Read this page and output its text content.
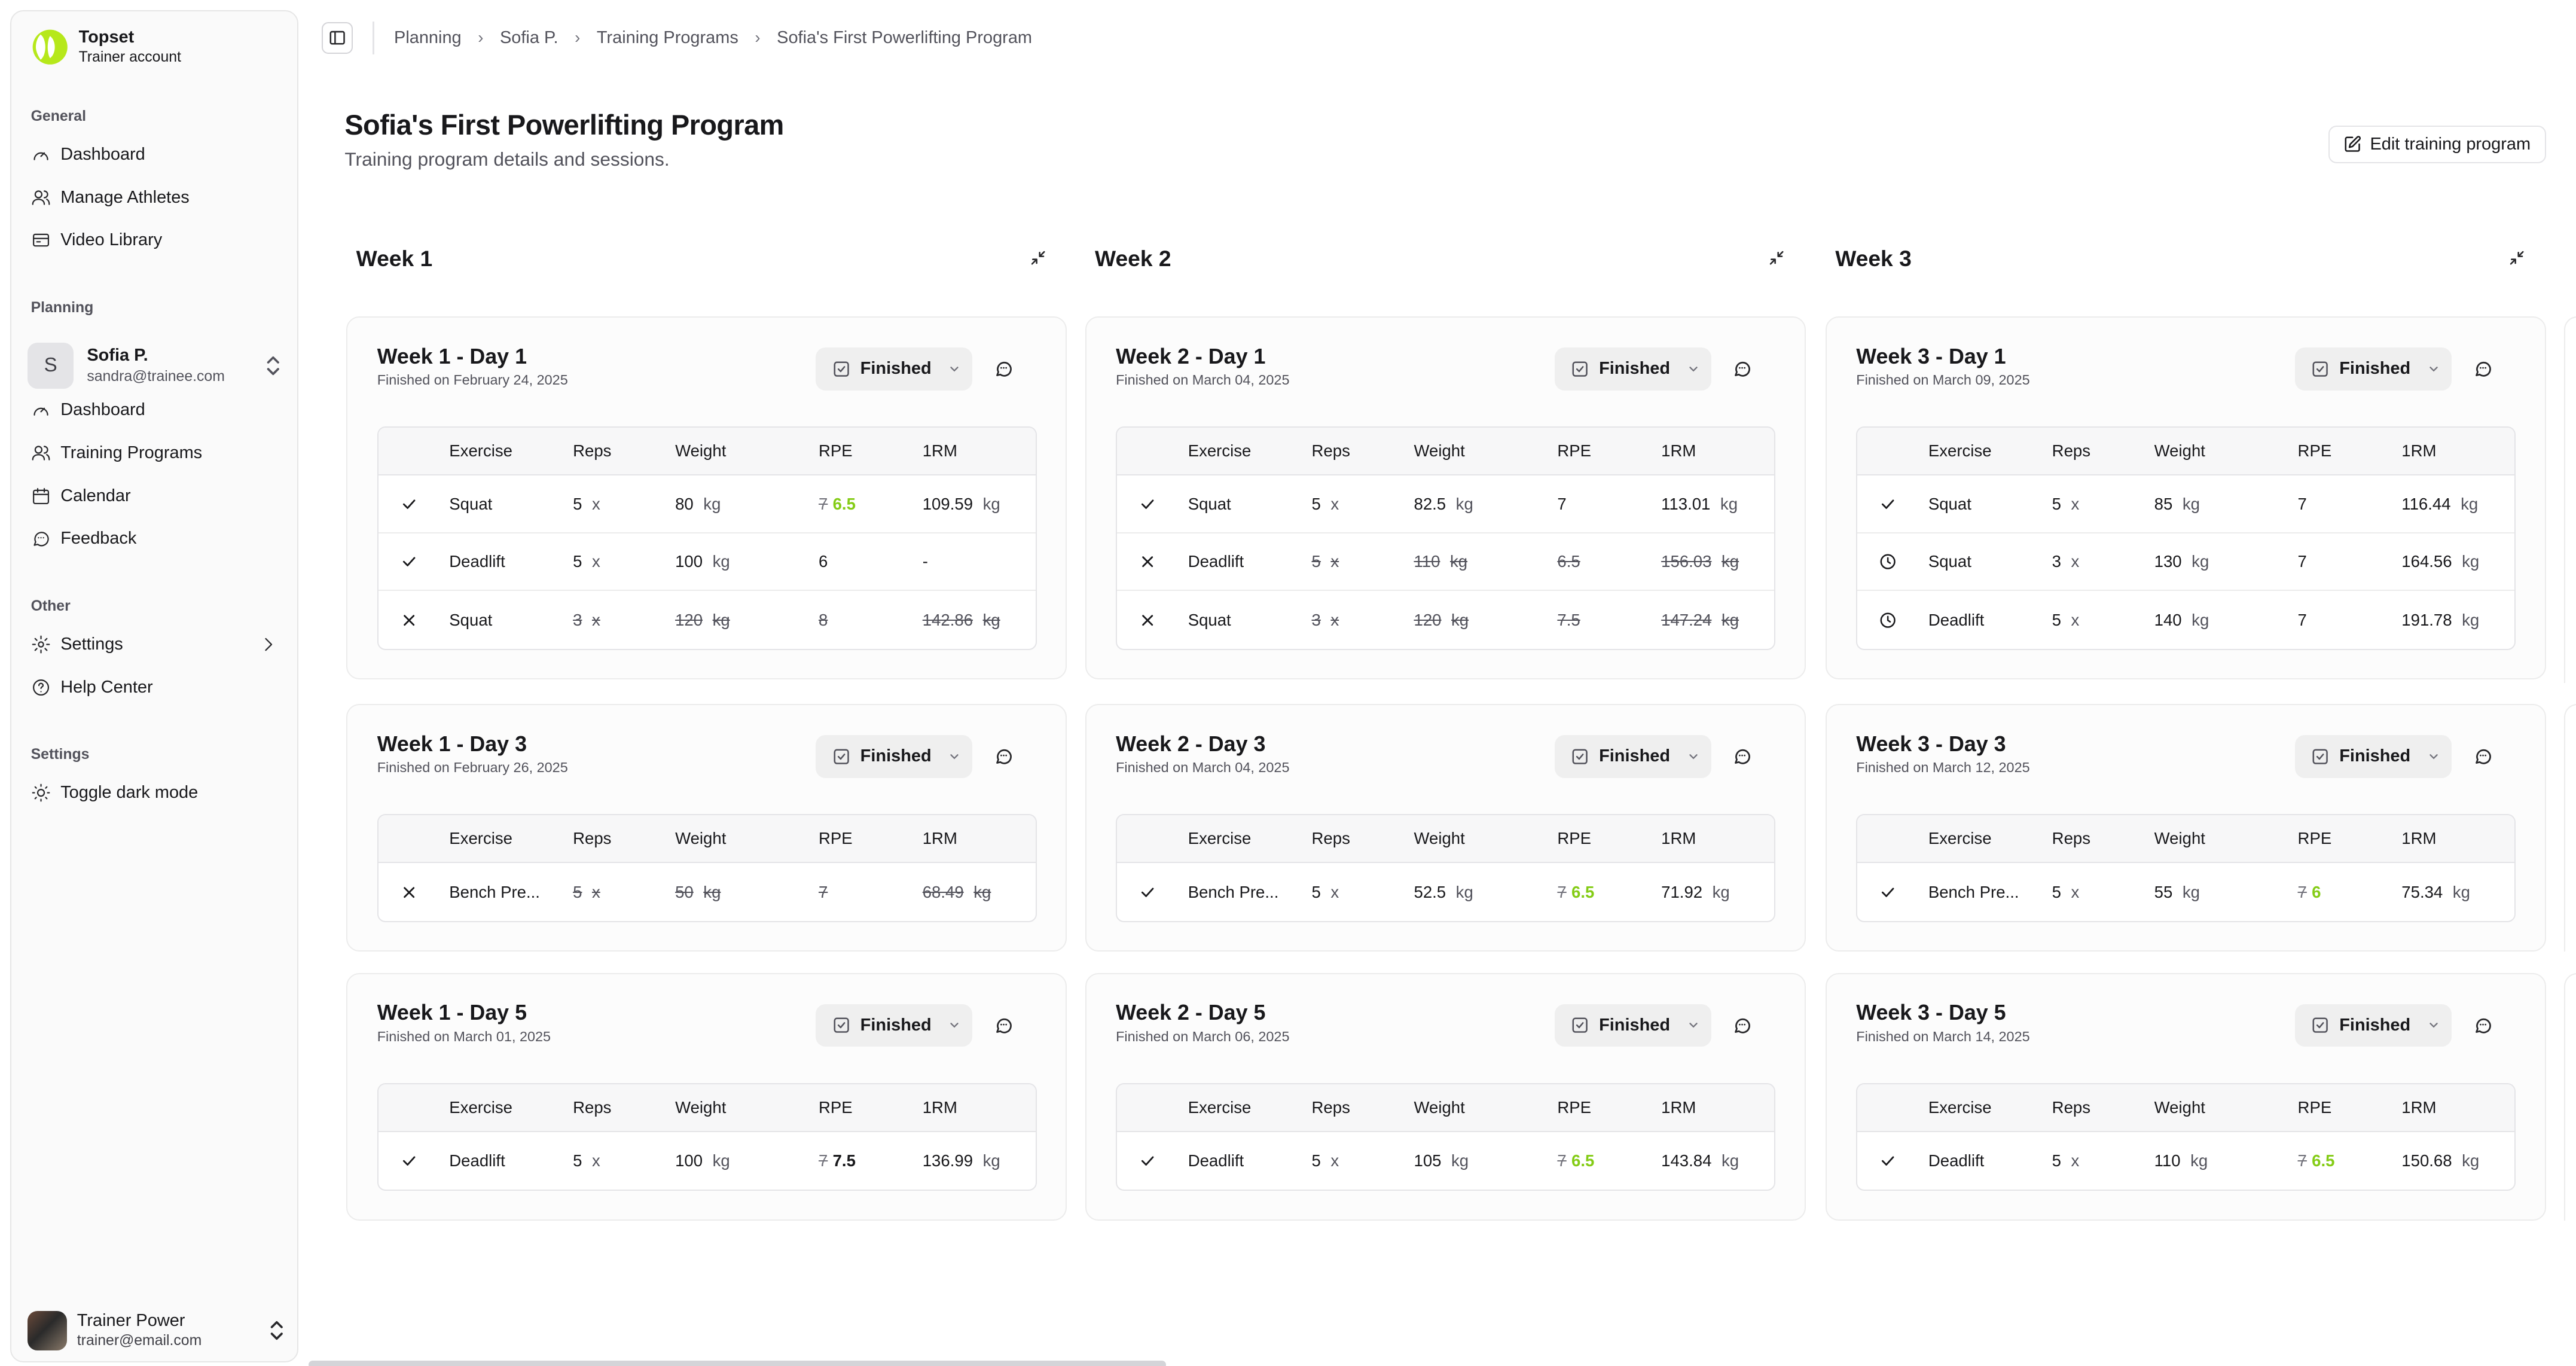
Topset
Trainer account
General
Dashboard
Manage Athletes
Video Library
Planning
S	Sofia P.
sandra@trainee.com
Dashboard
Training Programs
Calendar
Feedback
Other
Settings
Help Center
Settings
Toggle dark mode
Trainer Power
trainer@email.com
Planning	›	Sofia P.	›	Training Programs	›	Sofia's First Powerlifting Program
Sofia's First Powerlifting Program
Training program details and sessions.
Edit training program
Week 1
Week 1 - Day 1
Finished on February 24, 2025
Finished
Exercise	Reps	Weight	RPE	1RM
Squat	5 x	80 kg	7 6.5	109.59 kg
Deadlift	5 x	100 kg	6	-
Squat	3 x	120 kg	8	142.86 kg
Week 1 - Day 3
Finished on February 26, 2025
Finished
Exercise	Reps	Weight	RPE	1RM
Bench Pre...	5 x	50 kg	7	68.49 kg
Week 1 - Day 5
Finished on March 01, 2025
Finished
Exercise	Reps	Weight	RPE	1RM
Deadlift	5 x	100 kg	7 7.5	136.99 kg
Week 2
Week 2 - Day 1
Finished on March 04, 2025
Finished
Exercise	Reps	Weight	RPE	1RM
Squat	5 x	82.5 kg	7	113.01 kg
Deadlift	5 x	110 kg	6.5	156.03 kg
Squat	3 x	120 kg	7.5	147.24 kg
Week 2 - Day 3
Finished on March 04, 2025
Finished
Exercise	Reps	Weight	RPE	1RM
Bench Pre...	5 x	52.5 kg	7 6.5	71.92 kg
Week 2 - Day 5
Finished on March 06, 2025
Finished
Exercise	Reps	Weight	RPE	1RM
Deadlift	5 x	105 kg	7 6.5	143.84 kg
Week 3
Week 3 - Day 1
Finished on March 09, 2025
Finished
Exercise	Reps	Weight	RPE	1RM
Squat	5 x	85 kg	7	116.44 kg
Squat	3 x	130 kg	7	164.56 kg
Deadlift	5 x	140 kg	7	191.78 kg
Week 3 - Day 3
Finished on March 12, 2025
Finished
Exercise	Reps	Weight	RPE	1RM
Bench Pre...	5 x	55 kg	7 6	75.34 kg
Week 3 - Day 5
Finished on March 14, 2025
Finished
Exercise	Reps	Weight	RPE	1RM
Deadlift	5 x	110 kg	7 6.5	150.68 kg
